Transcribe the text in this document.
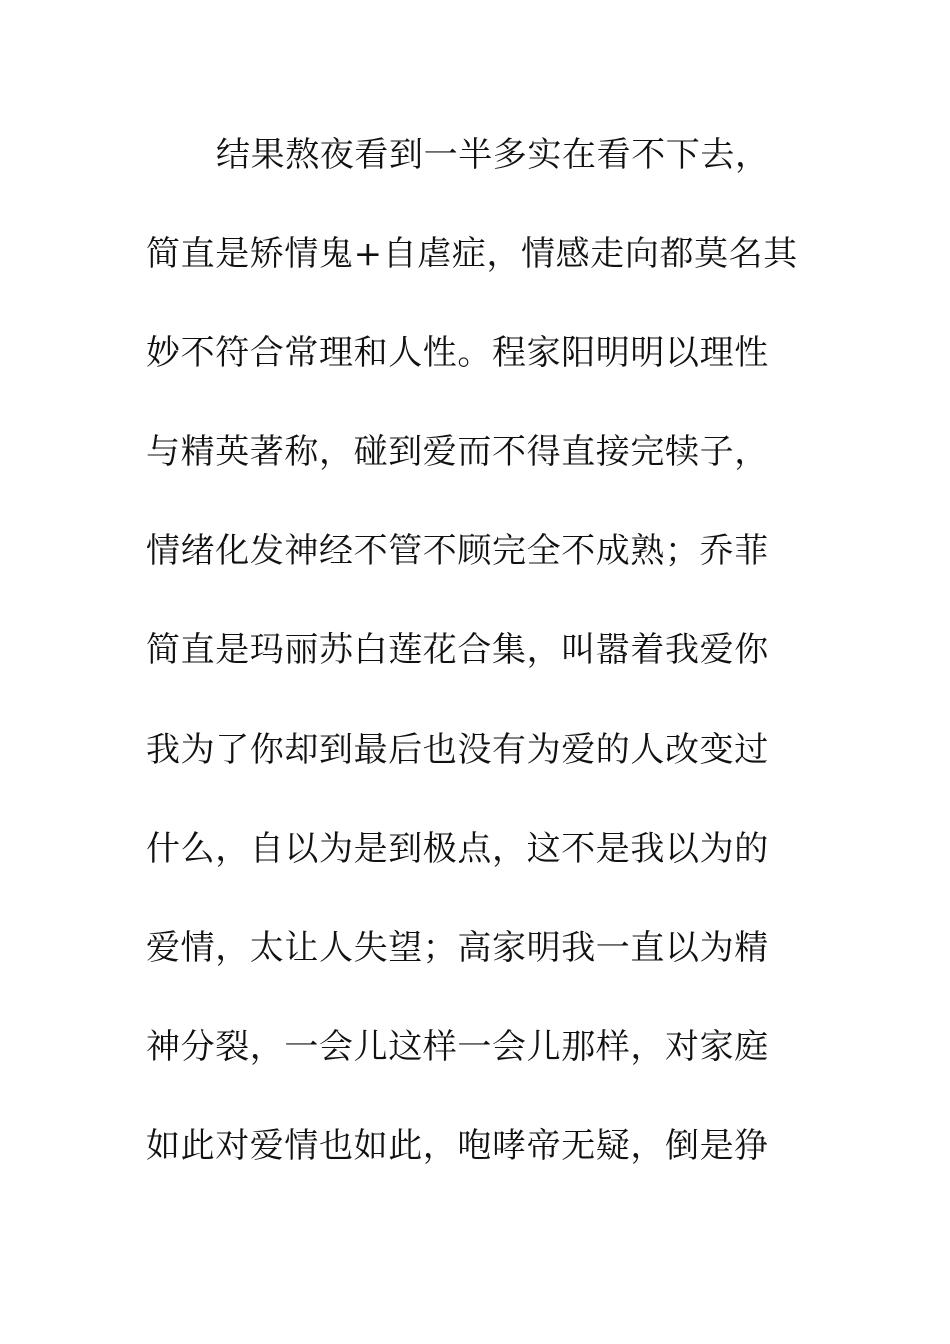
结果熬夜看到一半多实在看不下去，
简直是矫情鬼+自虐症，情感走向都莫名其
妙不符合常理和人性。程家阳明明以理性
与精英著称，碰到爱而不得直接完犊子，
情绪化发神经不管不顾完全不成熟；乔菲
简直是玛丽苏白莲花合集，叫嚣着我爱你
我为了你却到最后也没有为爱的人改变过
什么，自以为是到极点，这不是我以为的
爱情，太让人失望；高家明我一直以为精
神分裂，一会儿这样一会儿那样，对家庭
如此对爱情也如此，咆哮帝无疑，倒是狰
